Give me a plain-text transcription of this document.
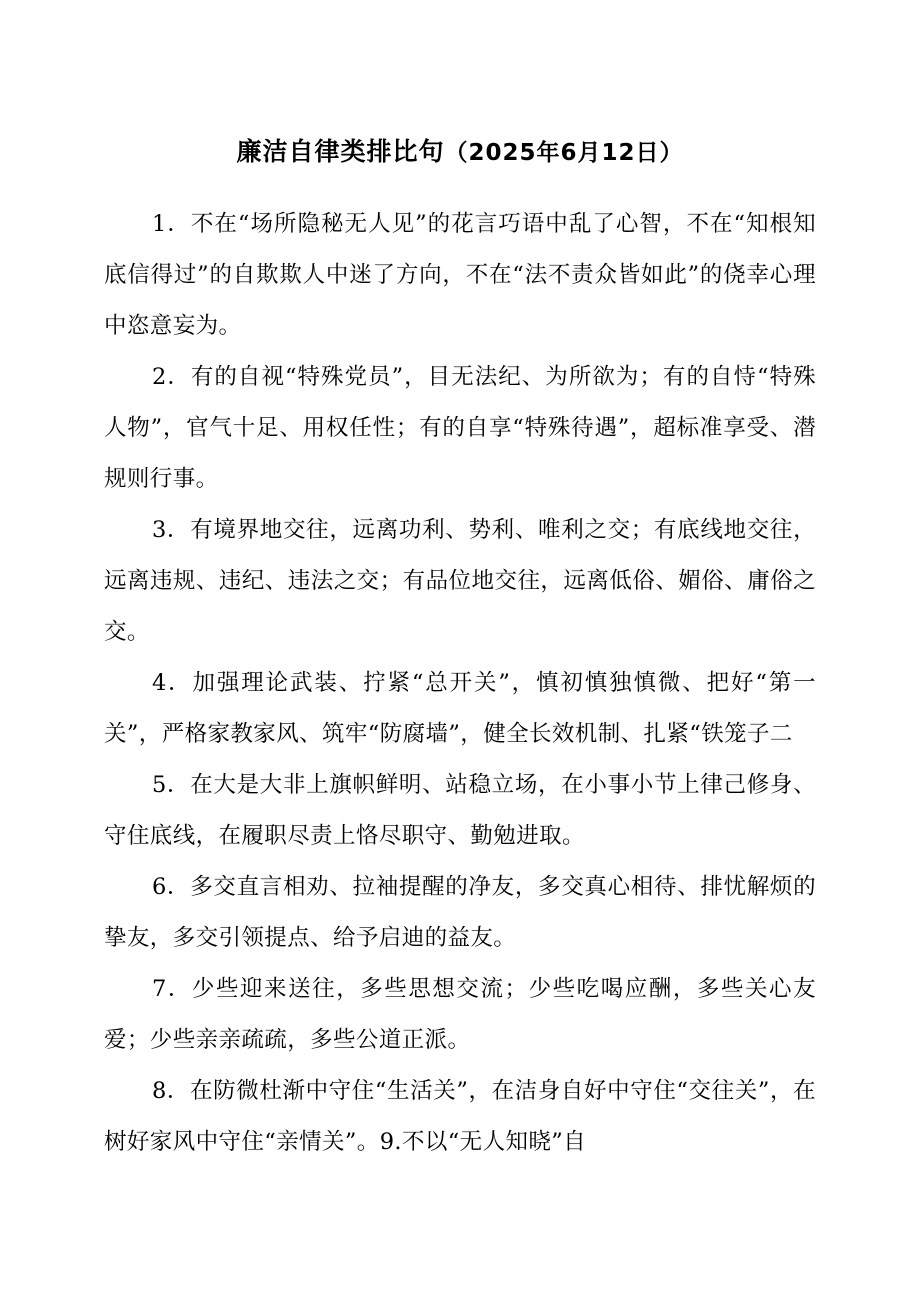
廉洁自律类排比句（2025年6月12日）

1．不在“场所隐秘无人见”的花言巧语中乱了心智，不在“知根知底信得过”的自欺欺人中迷了方向，不在“法不责众皆如此”的侥幸心理中恣意妄为。

2．有的自视“特殊党员”，目无法纪、为所欲为；有的自恃“特殊人物”，官气十足、用权任性；有的自享“特殊待遇”，超标准享受、潜规则行事。

3．有境界地交往，远离功利、势利、唯利之交；有底线地交往，远离违规、违纪、违法之交；有品位地交往，远离低俗、媚俗、庸俗之交。

4．加强理论武装、拧紧“总开关”，慎初慎独慎微、把好“第一关”，严格家教家风、筑牢“防腐墙”，健全长效机制、扎紧“铁笼子二

5．在大是大非上旗帜鲜明、站稳立场，在小事小节上律己修身、守住底线，在履职尽责上恪尽职守、勤勉进取。

6．多交直言相劝、拉袖提醒的净友，多交真心相待、排忧解烦的挚友，多交引领提点、给予启迪的益友。

7．少些迎来送往，多些思想交流；少些吃喝应酬，多些关心友爱；少些亲亲疏疏，多些公道正派。

8．在防微杜渐中守住“生活关”，在洁身自好中守住“交往关”，在树好家风中守住“亲情关”。9.不以“无人知晓”自
